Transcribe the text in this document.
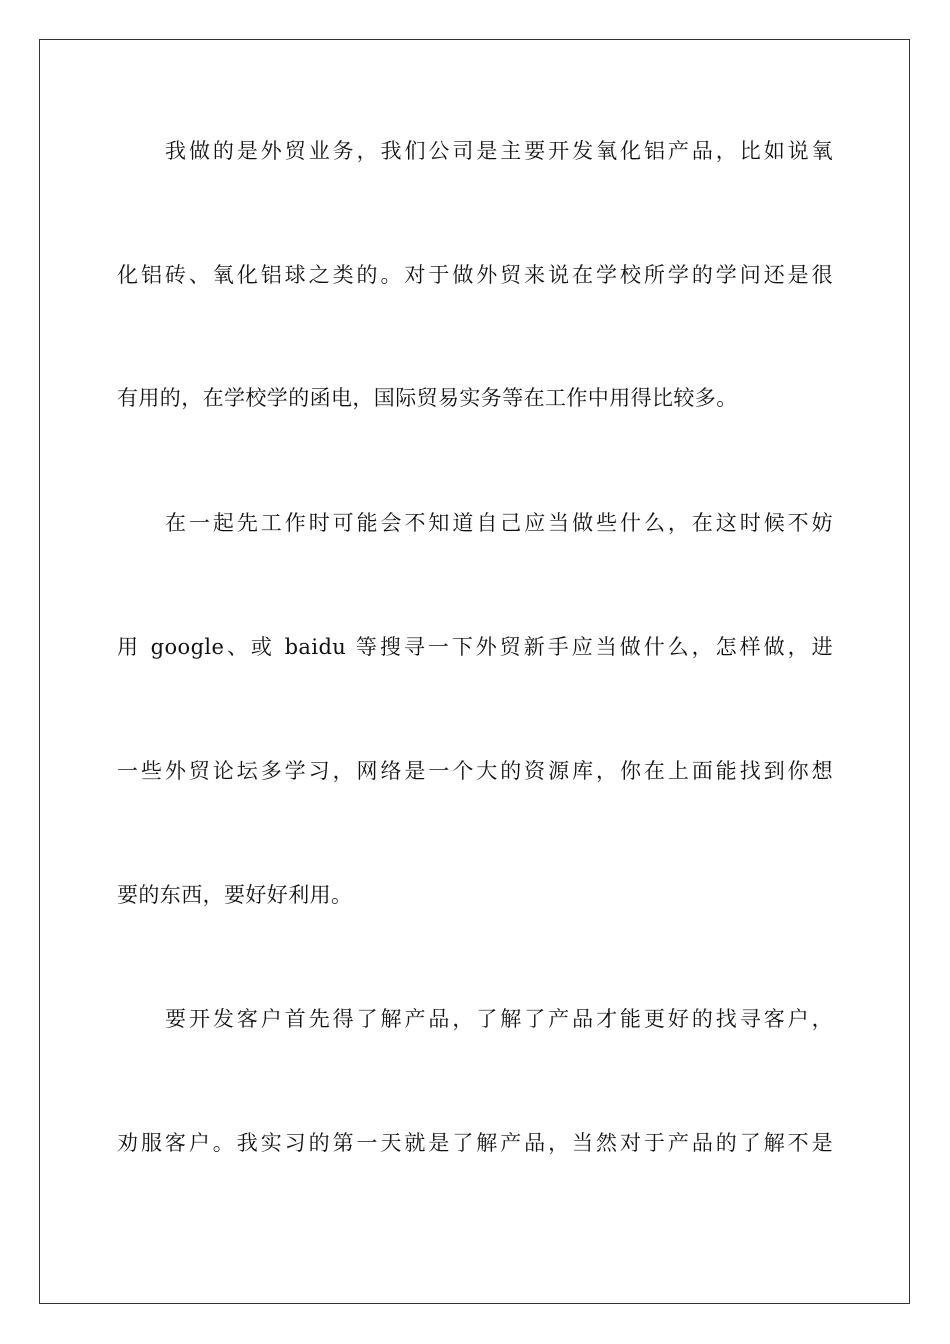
我做的是外贸业务，我们公司是主要开发氧化铝产品，比如说氧
化铝砖、氧化铝球之类的。对于做外贸来说在学校所学的学问还是很
有用的，在学校学的函电，国际贸易实务等在工作中用得比较多。
在一起先工作时可能会不知道自己应当做些什么，在这时候不妨
用 google、或 baidu 等搜寻一下外贸新手应当做什么，怎样做，进
一些外贸论坛多学习，网络是一个大的资源库，你在上面能找到你想
要的东西，要好好利用。
要开发客户首先得了解产品，了解了产品才能更好的找寻客户，
劝服客户。我实习的第一天就是了解产品，当然对于产品的了解不是
